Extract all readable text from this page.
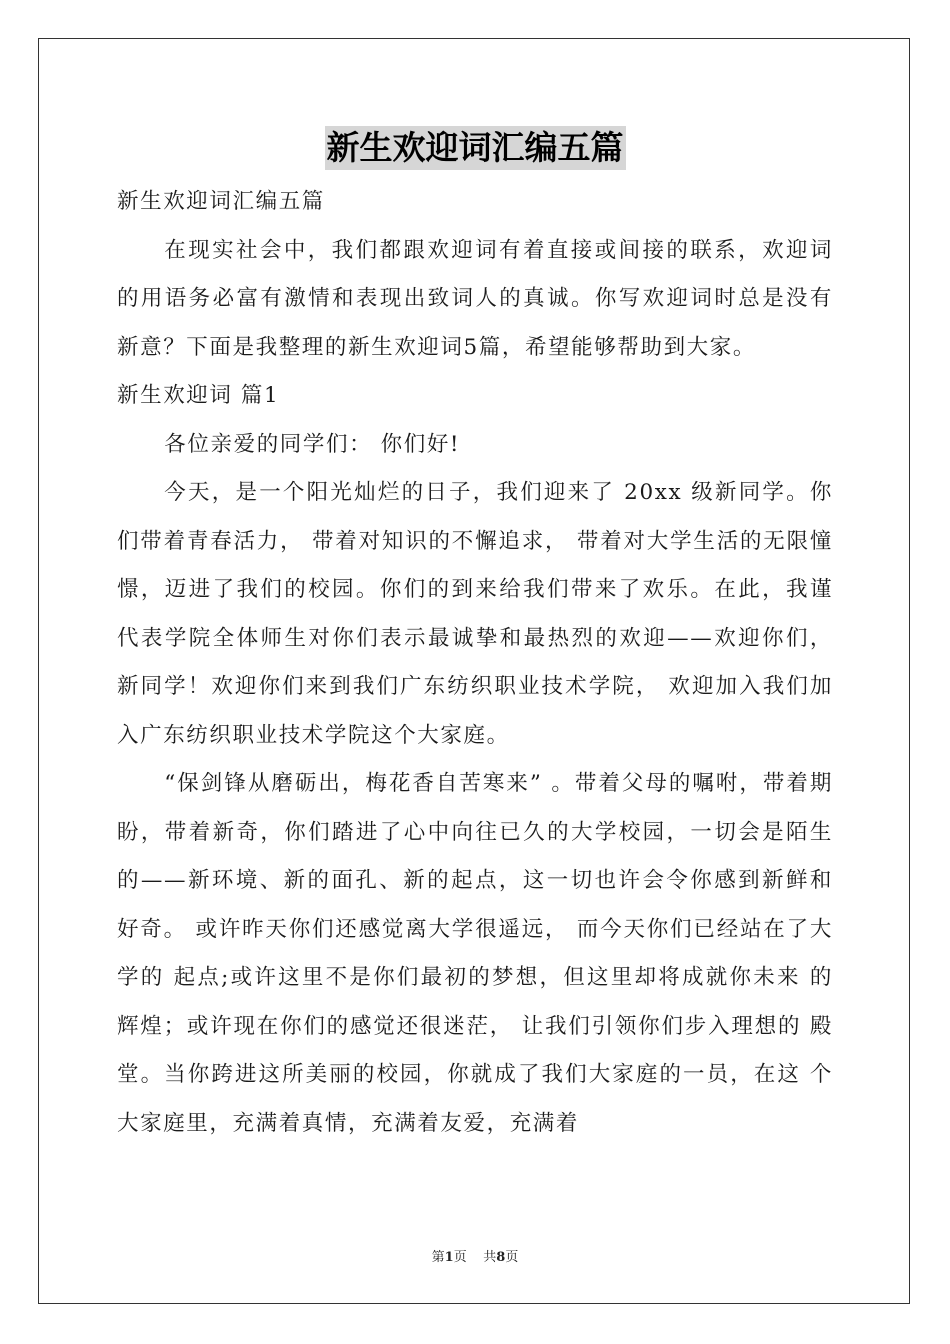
新生欢迎词汇编五篇

新生欢迎词汇编五篇

在现实社会中，我们都跟欢迎词有着直接或间接的联系，欢迎词的用语务必富有激情和表现出致词人的真诚。你写欢迎词时总是没有新意？下面是我整理的新生欢迎词5篇，希望能够帮助到大家。

新生欢迎词 篇1

各位亲爱的同学们： 你们好!

今天，是一个阳光灿烂的日子，我们迎来了 20xx 级新同学。你们带着青春活力， 带着对知识的不懈追求， 带着对大学生活的无限憧 憬，迈进了我们的校园。你们的到来给我们带来了欢乐。在此，我谨 代表学院全体师生对你们表示最诚挚和最热烈的欢迎——欢迎你们， 新同学！欢迎你们来到我们广东纺织职业技术学院， 欢迎加入我们加 入广东纺织职业技术学院这个大家庭。

“保剑锋从磨砺出，梅花香自苦寒来” 。带着父母的嘱咐，带着期 盼，带着新奇，你们踏进了心中向往已久的大学校园，一切会是陌生 的——新环境、新的面孔、新的起点，这一切也许会令你感到新鲜和 好奇。 或许昨天你们还感觉离大学很遥远， 而今天你们已经站在了大 学的 起点;或许这里不是你们最初的梦想，但这里却将成就你未来 的辉煌；或许现在你们的感觉还很迷茫， 让我们引领你们步入理想的 殿堂。当你跨进这所美丽的校园，你就成了我们大家庭的一员，在这 个大家庭里，充满着真情，充满着友爱，充满着

第1页 共8页
